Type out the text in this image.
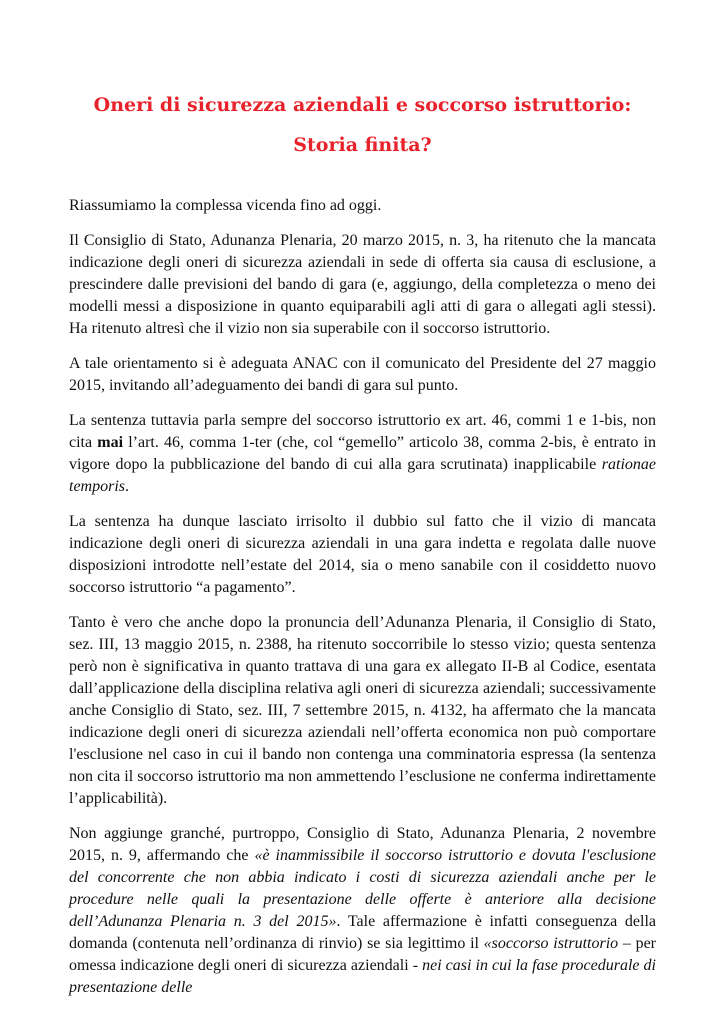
Oneri di sicurezza aziendali e soccorso istruttorio:
Storia finita?

Riassumiamo la complessa vicenda fino ad oggi.

Il Consiglio di Stato, Adunanza Plenaria, 20 marzo 2015, n. 3, ha ritenuto che la mancata indicazione degli oneri di sicurezza aziendali in sede di offerta sia causa di esclusione, a prescindere dalle previsioni del bando di gara (e, aggiungo, della completezza o meno dei modelli messi a disposizione in quanto equiparabili agli atti di gara o allegati agli stessi). Ha ritenuto altresì che il vizio non sia superabile con il soccorso istruttorio.

A tale orientamento si è adeguata ANAC con il comunicato del Presidente del 27 maggio 2015, invitando all’adeguamento dei bandi di gara sul punto.

La sentenza tuttavia parla sempre del soccorso istruttorio ex art. 46, commi 1 e 1-bis, non cita mai l’art. 46, comma 1-ter (che, col “gemello” articolo 38, comma 2-bis, è entrato in vigore dopo la pubblicazione del bando di cui alla gara scrutinata) inapplicabile rationae temporis.

La sentenza ha dunque lasciato irrisolto il dubbio sul fatto che il vizio di mancata indicazione degli oneri di sicurezza aziendali in una gara indetta e regolata dalle nuove disposizioni introdotte nell’estate del 2014, sia o meno sanabile con il cosiddetto nuovo soccorso istruttorio “a pagamento”.

Tanto è vero che anche dopo la pronuncia dell’Adunanza Plenaria, il Consiglio di Stato, sez. III, 13 maggio 2015, n. 2388, ha ritenuto soccorribile lo stesso vizio; questa sentenza però non è significativa in quanto trattava di una gara ex allegato II-B al Codice, esentata dall’applicazione della disciplina relativa agli oneri di sicurezza aziendali; successivamente anche Consiglio di Stato, sez. III, 7 settembre 2015, n. 4132, ha affermato che la mancata indicazione degli oneri di sicurezza aziendali nell’offerta economica non può comportare l'esclusione nel caso in cui il bando non contenga una comminatoria espressa (la sentenza non cita il soccorso istruttorio ma non ammettendo l’esclusione ne conferma indirettamente l’applicabilità).

Non aggiunge granché, purtroppo, Consiglio di Stato, Adunanza Plenaria, 2 novembre 2015, n. 9, affermando che «è inammissibile il soccorso istruttorio e dovuta l'esclusione del concorrente che non abbia indicato i costi di sicurezza aziendali anche per le procedure nelle quali la presentazione delle offerte è anteriore alla decisione dell’Adunanza Plenaria n. 3 del 2015». Tale affermazione è infatti conseguenza della domanda (contenuta nell’ordinanza di rinvio) se sia legittimo il «soccorso istruttorio – per omessa indicazione degli oneri di sicurezza aziendali - nei casi in cui la fase procedurale di presentazione delle
